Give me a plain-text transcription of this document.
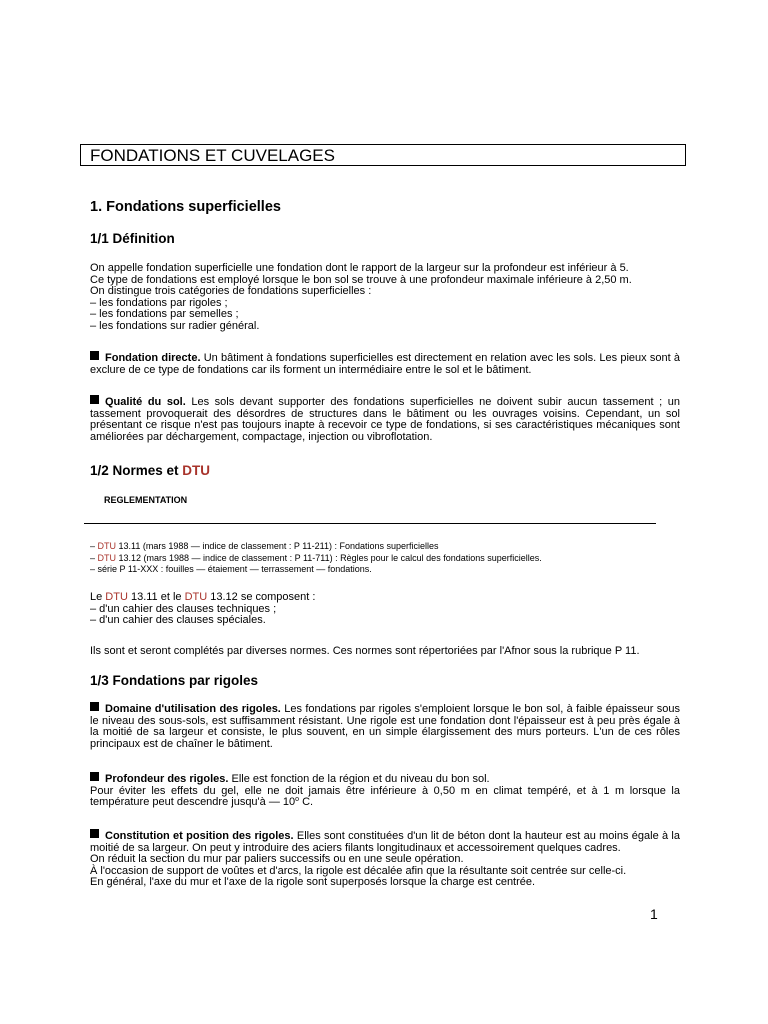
FONDATIONS ET CUVELAGES
1. Fondations superficielles
1/1 Définition
On appelle fondation superficielle une fondation dont le rapport de la largeur sur la profondeur est inférieur à 5.
Ce type de fondations est employé lorsque le bon sol se trouve à une profondeur maximale inférieure à 2,50 m.
On distingue trois catégories de fondations superficielles :
– les fondations par rigoles ;
– les fondations par semelles ;
– les fondations sur radier général.
Fondation directe. Un bâtiment à fondations superficielles est directement en relation avec les sols. Les pieux sont à exclure de ce type de fondations car ils forment un intermédiaire entre le sol et le bâtiment.
Qualité du sol. Les sols devant supporter des fondations superficielles ne doivent subir aucun tassement ; un tassement provoquerait des désordres de structures dans le bâtiment ou les ouvrages voisins. Cependant, un sol présentant ce risque n'est pas toujours inapte à recevoir ce type de fondations, si ses caractéristiques mécaniques sont améliorées par déchargement, compactage, injection ou vibroflotation.
1/2 Normes et DTU
REGLEMENTATION
– DTU 13.11 (mars 1988 — indice de classement : P 11-211) : Fondations superficielles
– DTU 13.12 (mars 1988 — indice de classement : P 11-711) : Règles pour le calcul des fondations superficielles.
– série P 11-XXX : fouilles — étaiement — terrassement — fondations.
Le DTU 13.11 et le DTU 13.12 se composent :
– d'un cahier des clauses techniques ;
– d'un cahier des clauses spéciales.
Ils sont et seront complétés par diverses normes. Ces normes sont répertoriées par l'Afnor sous la rubrique P 11.
1/3 Fondations par rigoles
Domaine d'utilisation des rigoles. Les fondations par rigoles s'emploient lorsque le bon sol, à faible épaisseur sous le niveau des sous-sols, est suffisamment résistant. Une rigole est une fondation dont l'épaisseur est à peu près égale à la moitié de sa largeur et consiste, le plus souvent, en un simple élargissement des murs porteurs. L'un de ces rôles principaux est de chaîner le bâtiment.
Profondeur des rigoles. Elle est fonction de la région et du niveau du bon sol.
Pour éviter les effets du gel, elle ne doit jamais être inférieure à 0,50 m en climat tempéré, et à 1 m lorsque la température peut descendre jusqu'à — 10$^o$ C.
Constitution et position des rigoles. Elles sont constituées d'un lit de béton dont la hauteur est au moins égale à la moitié de sa largeur. On peut y introduire des aciers filants longitudinaux et accessoirement quelques cadres.
On réduit la section du mur par paliers successifs ou en une seule opération.
À l'occasion de support de voûtes et d'arcs, la rigole est décalée afin que la résultante soit centrée sur celle-ci.
En général, l'axe du mur et l'axe de la rigole sont superposés lorsque la charge est centrée.
1
